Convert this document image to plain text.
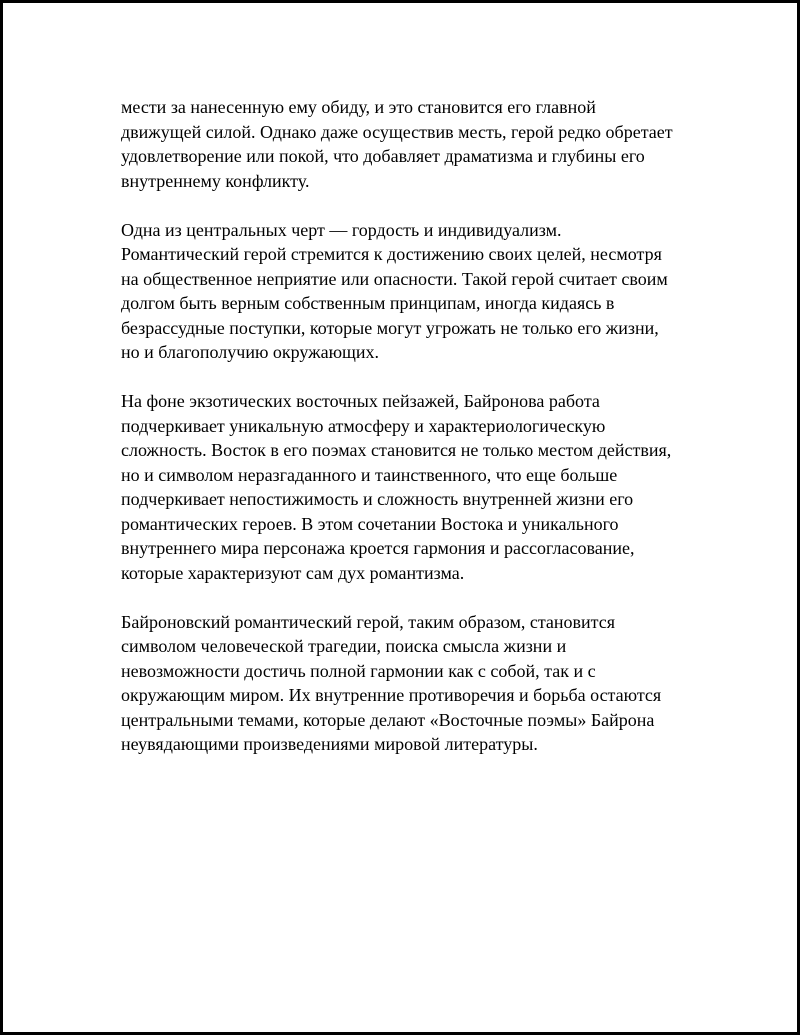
мести за нанесенную ему обиду, и это становится его главной
движущей силой. Однако даже осуществив месть, герой редко обретает
удовлетворение или покой, что добавляет драматизма и глубины его
внутреннему конфликту.

Одна из центральных черт — гордость и индивидуализм.
Романтический герой стремится к достижению своих целей, несмотря
на общественное неприятие или опасности. Такой герой считает своим
долгом быть верным собственным принципам, иногда кидаясь в
безрассудные поступки, которые могут угрожать не только его жизни,
но и благополучию окружающих.

На фоне экзотических восточных пейзажей, Байронова работа
подчеркивает уникальную атмосферу и характериологическую
сложность. Восток в его поэмах становится не только местом действия,
но и символом неразгаданного и таинственного, что еще больше
подчеркивает непостижимость и сложность внутренней жизни его
романтических героев. В этом сочетании Востока и уникального
внутреннего мира персонажа кроется гармония и рассогласование,
которые характеризуют сам дух романтизма.

Байроновский романтический герой, таким образом, становится
символом человеческой трагедии, поиска смысла жизни и
невозможности достичь полной гармонии как с собой, так и с
окружающим миром. Их внутренние противоречия и борьба остаются
центральными темами, которые делают «Восточные поэмы» Байрона
неувядающими произведениями мировой литературы.
